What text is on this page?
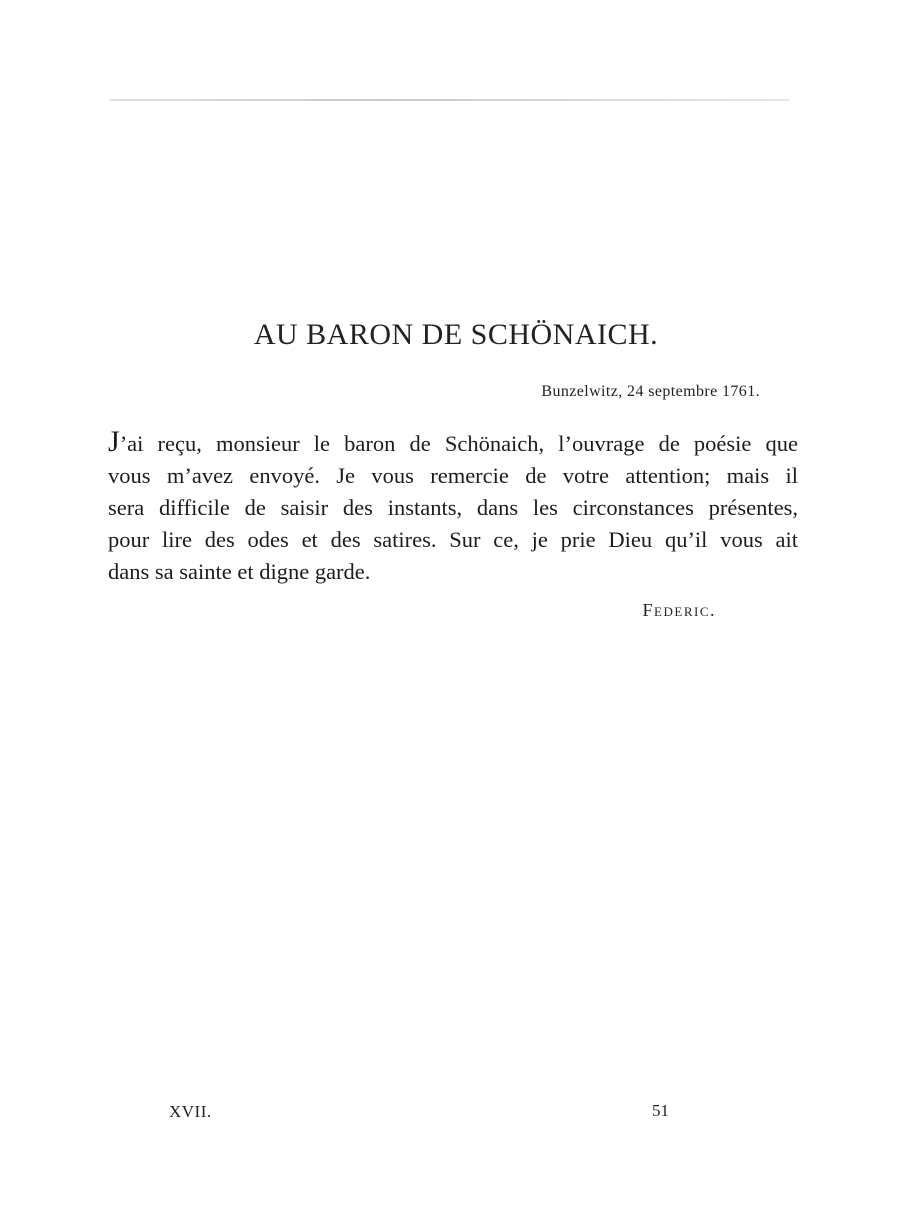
AU BARON DE SCHÖNAICH.
Bunzelwitz, 24 septembre 1761.
J’ai reçu, monsieur le baron de Schönaich, l’ouvrage de poésie que
vous m’avez envoyé. Je vous remercie de votre attention; mais il
sera difficile de saisir des instants, dans les circonstances présentes,
pour lire des odes et des satires. Sur ce, je prie Dieu qu’il vous ait
dans sa sainte et digne garde.
Federic.
XVII.	51
